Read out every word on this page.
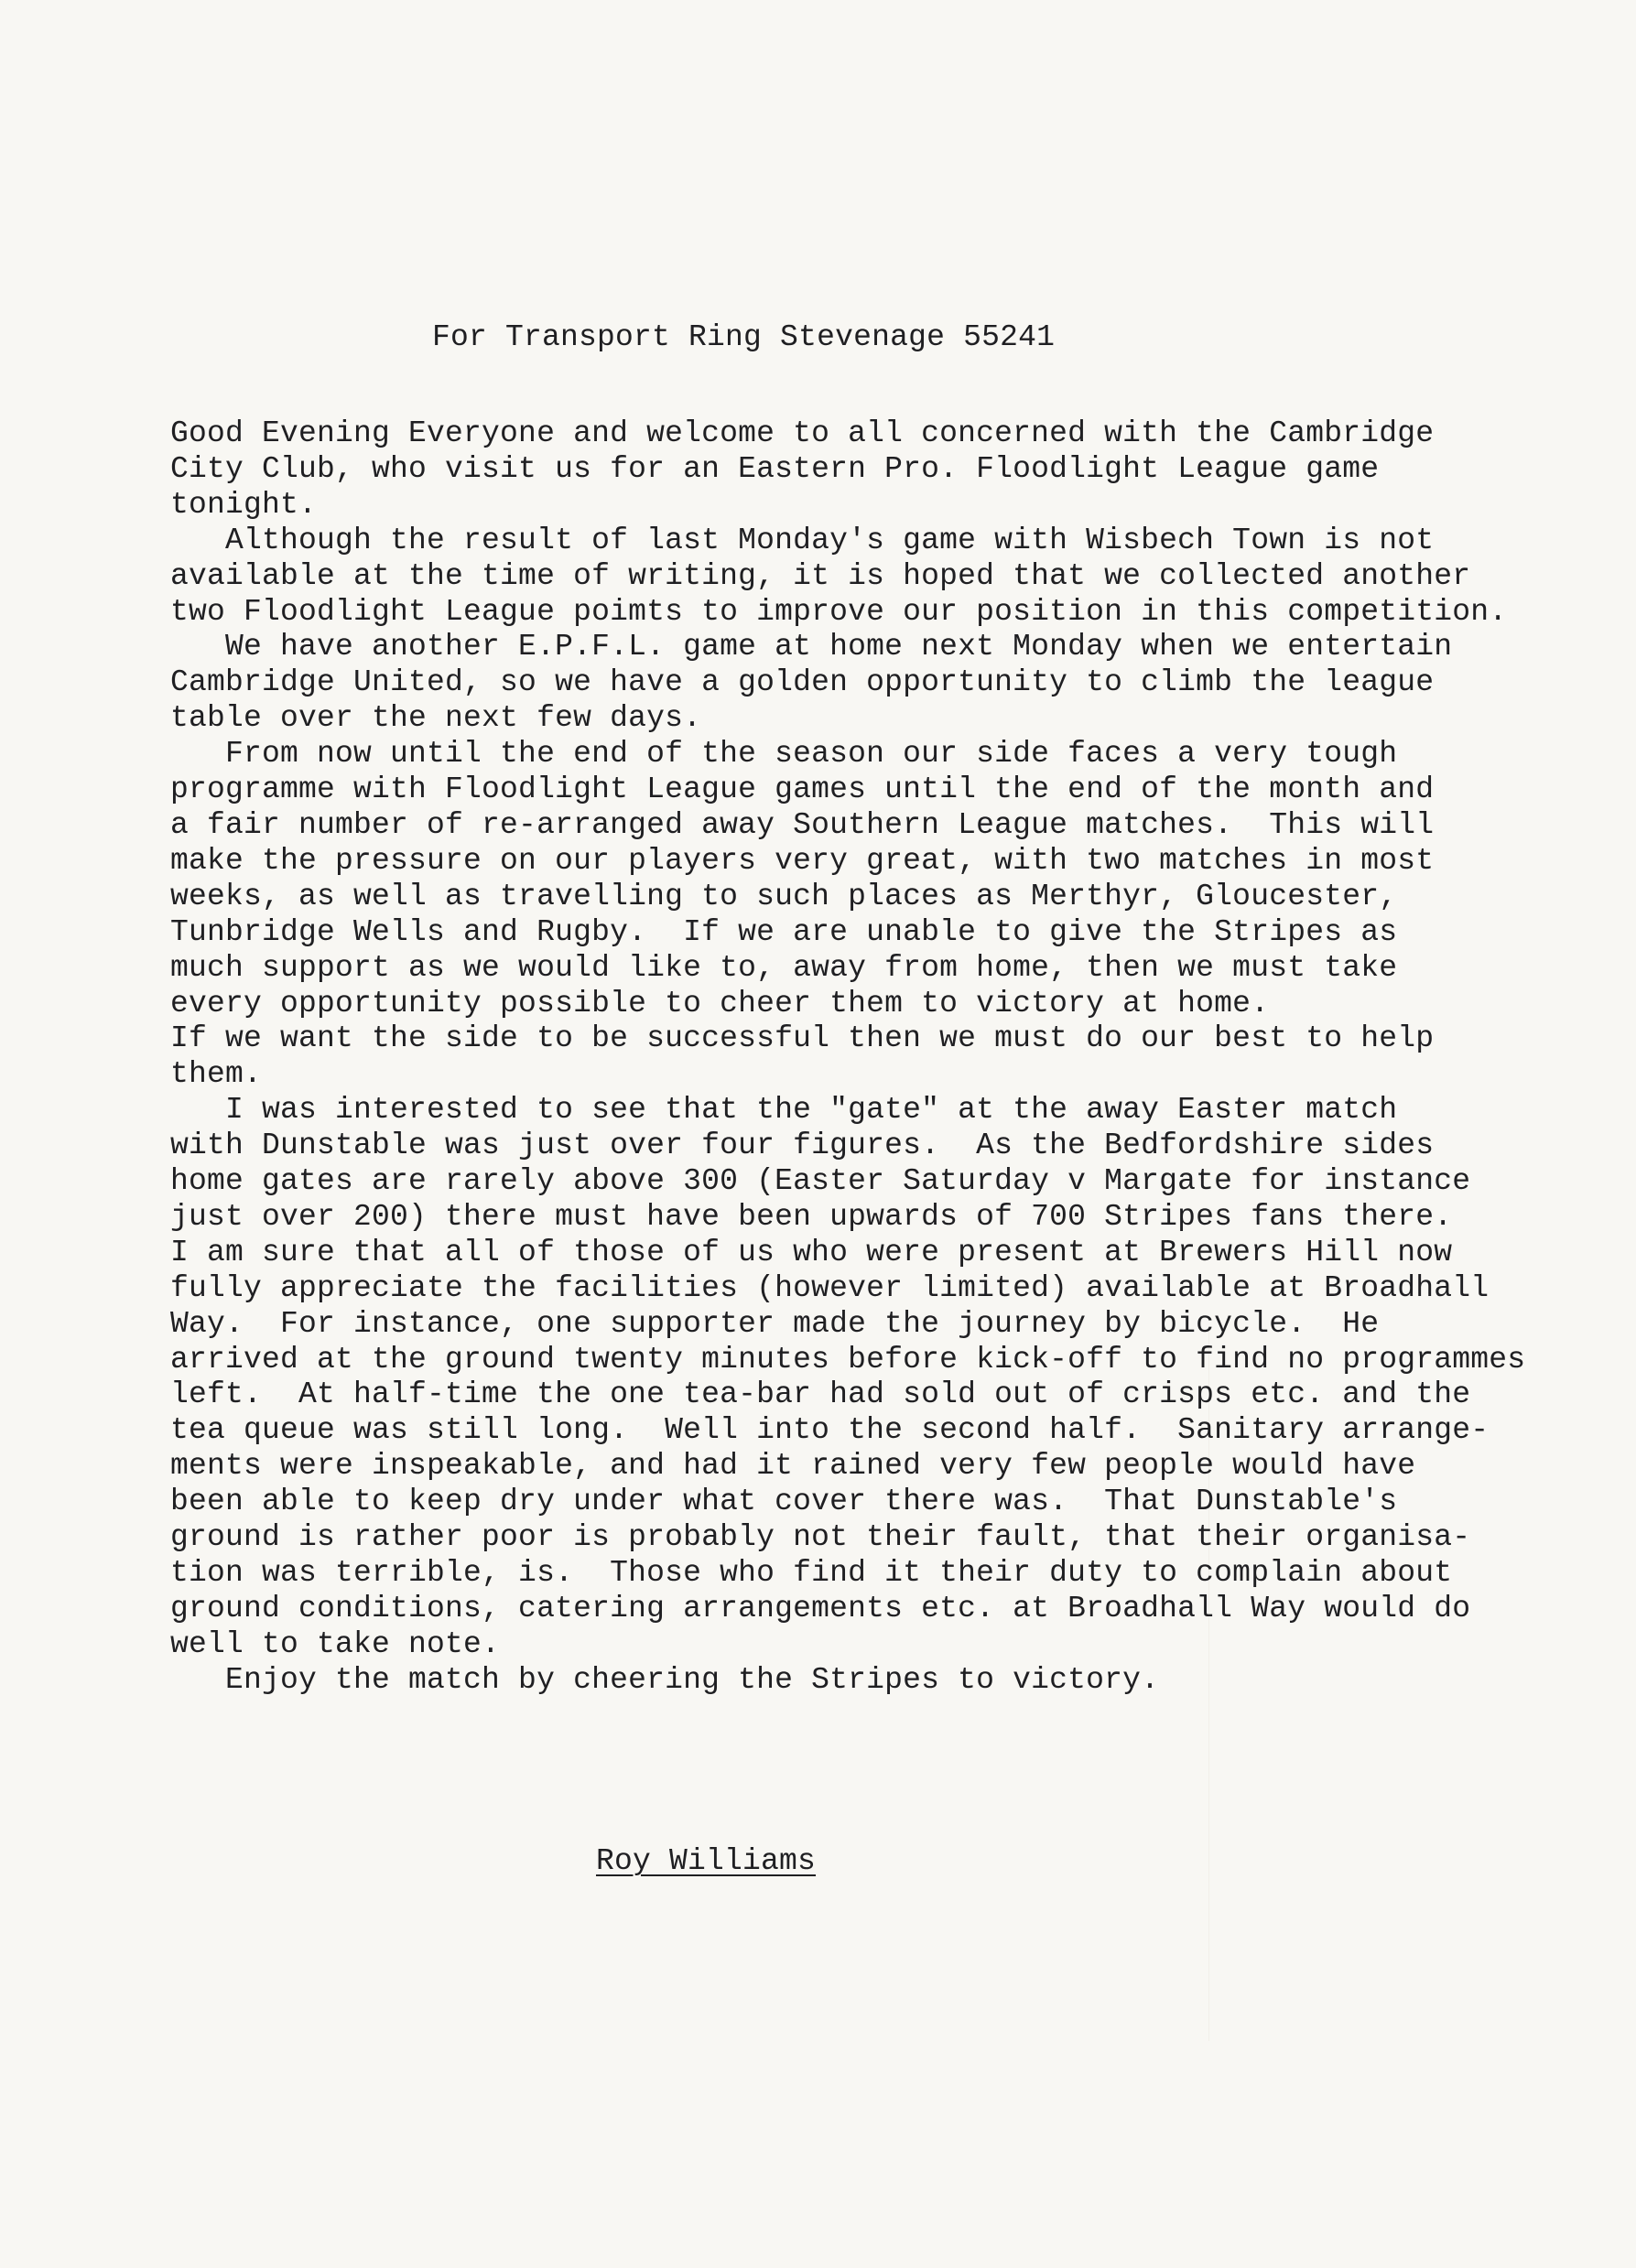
For Transport Ring Stevenage 55241

Good Evening Everyone and welcome to all concerned with the Cambridge
City Club, who visit us for an Eastern Pro. Floodlight League game
tonight.
Although the result of last Monday's game with Wisbech Town is not
available at the time of writing, it is hoped that we collected another
two Floodlight League poimts to improve our position in this competition.
We have another E.P.F.L. game at home next Monday when we entertain
Cambridge United, so we have a golden opportunity to climb the league
table over the next few days.
From now until the end of the season our side faces a very tough
programme with Floodlight League games until the end of the month and
a fair number of re-arranged away Southern League matches.  This will
make the pressure on our players very great, with two matches in most
weeks, as well as travelling to such places as Merthyr, Gloucester,
Tunbridge Wells and Rugby.  If we are unable to give the Stripes as
much support as we would like to, away from home, then we must take
every opportunity possible to cheer them to victory at home.
If we want the side to be successful then we must do our best to help
them.
I was interested to see that the "gate" at the away Easter match
with Dunstable was just over four figures.  As the Bedfordshire sides
home gates are rarely above 300 (Easter Saturday v Margate for instance
just over 200) there must have been upwards of 700 Stripes fans there.
I am sure that all of those of us who were present at Brewers Hill now
fully appreciate the facilities (however limited) available at Broadhall
Way.  For instance, one supporter made the journey by bicycle.  He
arrived at the ground twenty minutes before kick-off to find no programmes
left.  At half-time the one tea-bar had sold out of crisps etc. and the
tea queue was still long.  Well into the second half.  Sanitary arrange-
ments were inspeakable, and had it rained very few people would have
been able to keep dry under what cover there was.  That Dunstable's
ground is rather poor is probably not their fault, that their organisa-
tion was terrible, is.  Those who find it their duty to complain about
ground conditions, catering arrangements etc. at Broadhall Way would do
well to take note.
Enjoy the match by cheering the Stripes to victory.

Roy Williams
